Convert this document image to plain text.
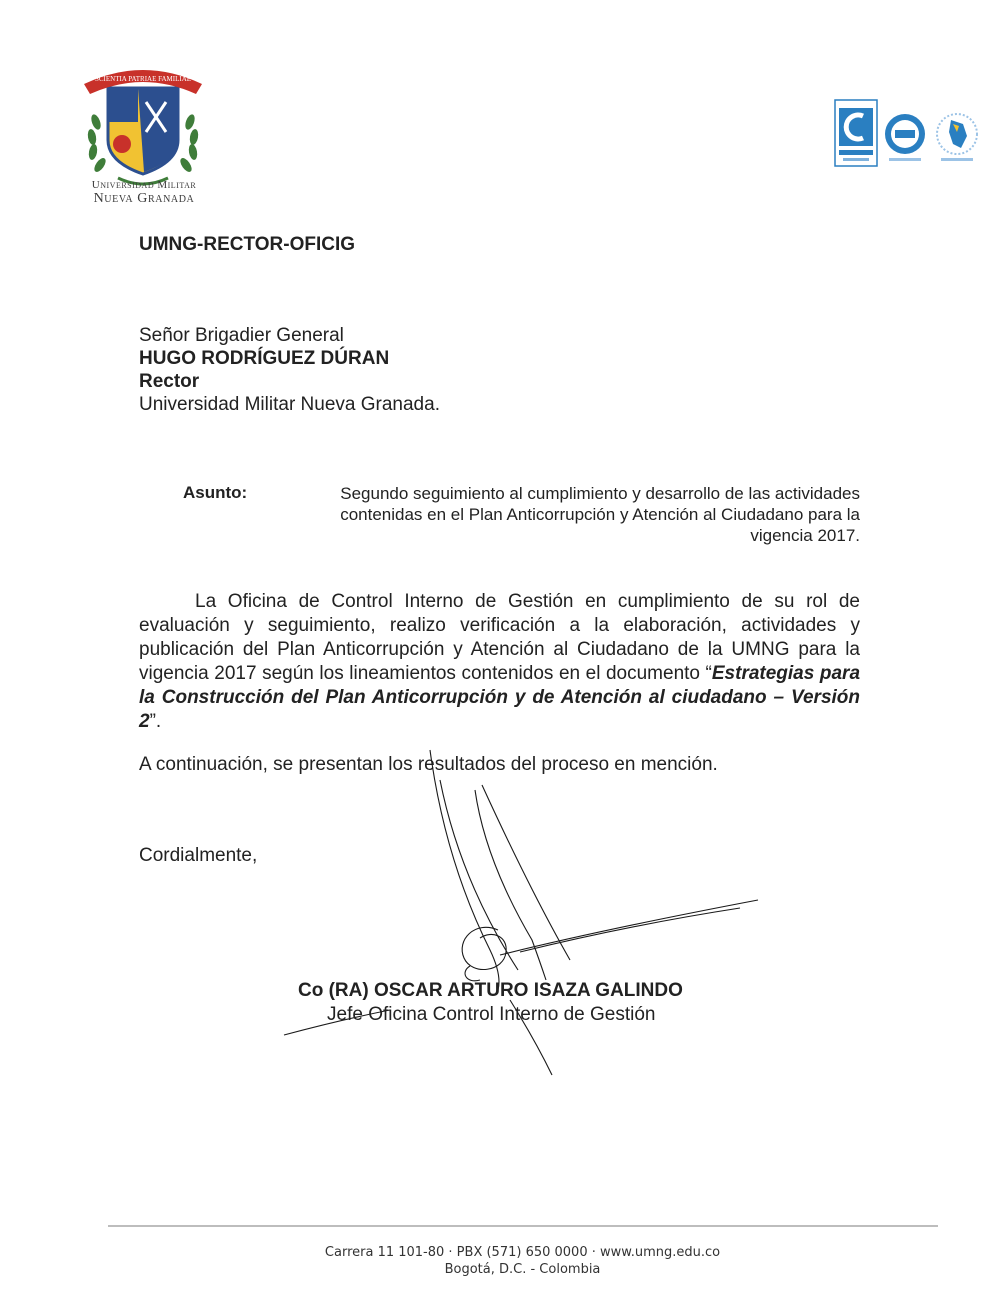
SCIENTIA PATRIAE FAMILIAE
Universidad Militar
Nueva Granada
UMNG-RECTOR-OFICIG
Señor Brigadier General
HUGO RODRÍGUEZ DÚRAN
Rector
Universidad Militar Nueva Granada.
Asunto:	Segundo seguimiento al cumplimiento y desarrollo de las actividades contenidas en el Plan Anticorrupción y Atención al Ciudadano para la vigencia 2017.
La Oficina de Control Interno de Gestión en cumplimiento de su rol de evaluación y seguimiento, realizo verificación a la elaboración, actividades y publicación del Plan Anticorrupción y Atención al Ciudadano de la UMNG para la vigencia 2017 según los lineamientos contenidos en el documento “Estrategias para la Construcción del Plan Anticorrupción y de Atención al ciudadano – Versión 2”.
A continuación, se presentan los resultados del proceso en mención.
Cordialmente,
Co (RA) OSCAR ARTURO ISAZA GALINDO
Jefe Oficina Control Interno de Gestión
Carrera 11 101-80 · PBX (571) 650 0000 · www.umng.edu.co
Bogotá, D.C. - Colombia
